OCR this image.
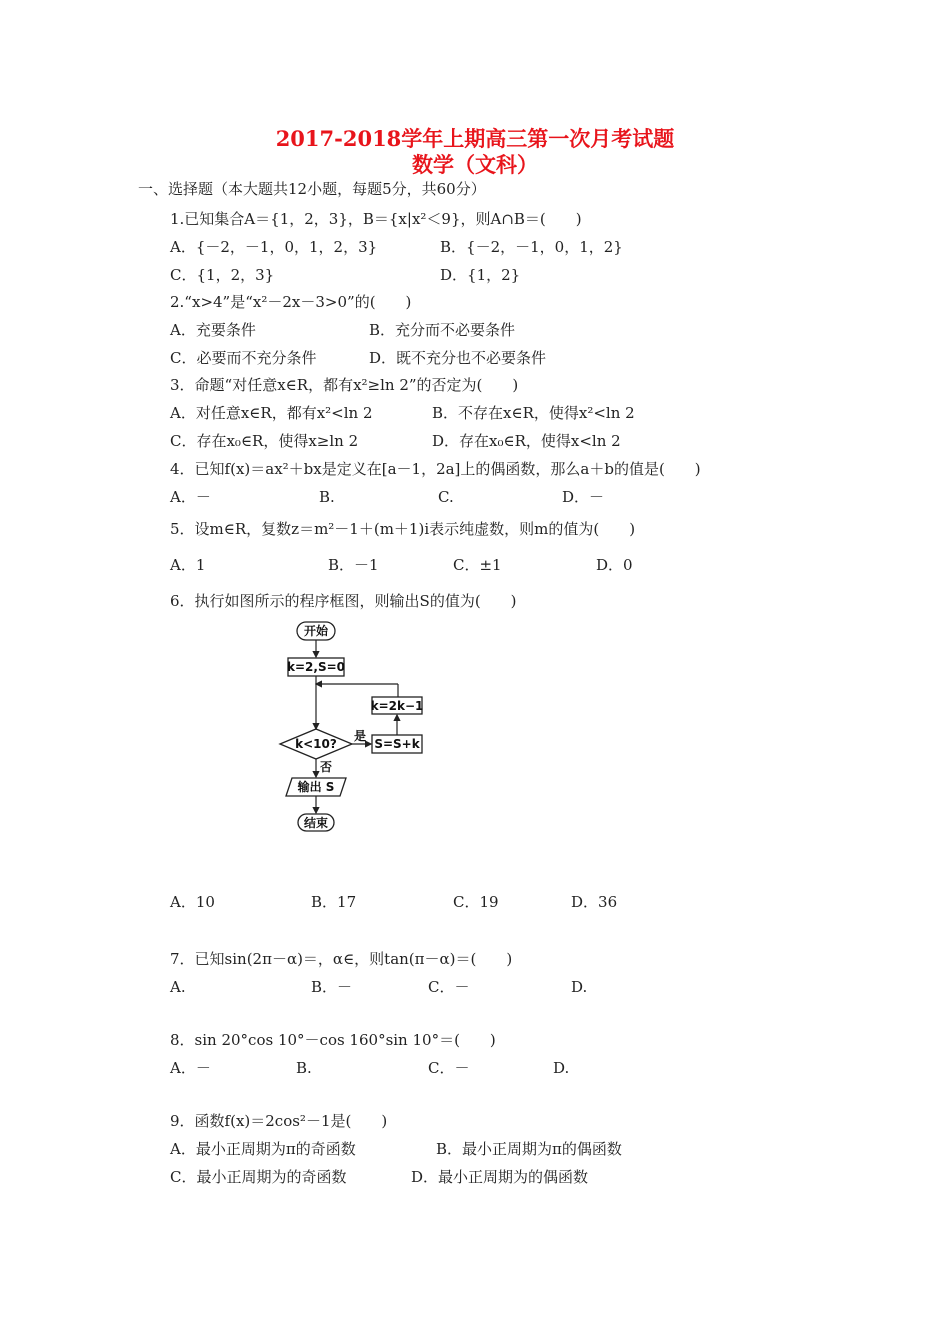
2017-2018学年上期高三第一次月考试题
数学（文科）
一、选择题（本大题共12小题，每题5分，共60分）
1.已知集合A＝{1，2，3}，B＝{x|x²＜9}，则A∩B＝(　　)
A．{－2，－1，0，1，2，3}	B．{－2，－1，0，1，2}
C．{1，2，3}	D．{1，2}
2.“x>4”是“x²－2x－3>0”的(　　)
A．充要条件	B．充分而不必要条件
C．必要而不充分条件	D．既不充分也不必要条件
3．命题“对任意x∈R，都有x²≥ln 2”的否定为(　　)
A．对任意x∈R，都有x²<ln 2	B．不存在x∈R，使得x²<ln 2
C．存在x₀∈R，使得x≥ln 2	D．存在x₀∈R，使得x<ln 2
4．已知f(x)＝ax²＋bx是定义在[a－1，2a]上的偶函数，那么a＋b的值是(　　)
A．－	B.	C.	D．－
5．设m∈R，复数z＝m²－1＋(m＋1)i表示纯虚数，则m的值为(　　)
A．1	B．－1	C．±1	D．0
6．执行如图所示的程序框图，则输出S的值为(　　)
开始
k=2,S=0
k=2k−1
k<10?
是
S=S+k
否
输出 S
结束
A．10	B．17	C．19	D．36
7．已知sin(2π－α)＝，α∈，则tan(π－α)＝(　　)
A.	B．－	C．－	D.
8．sin 20°cos 10°－cos 160°sin 10°＝(　　)
A．－	B.	C．－	D.
9．函数f(x)＝2cos²－1是(　　)
A．最小正周期为π的奇函数	B．最小正周期为π的偶函数
C．最小正周期为的奇函数	D．最小正周期为的偶函数
